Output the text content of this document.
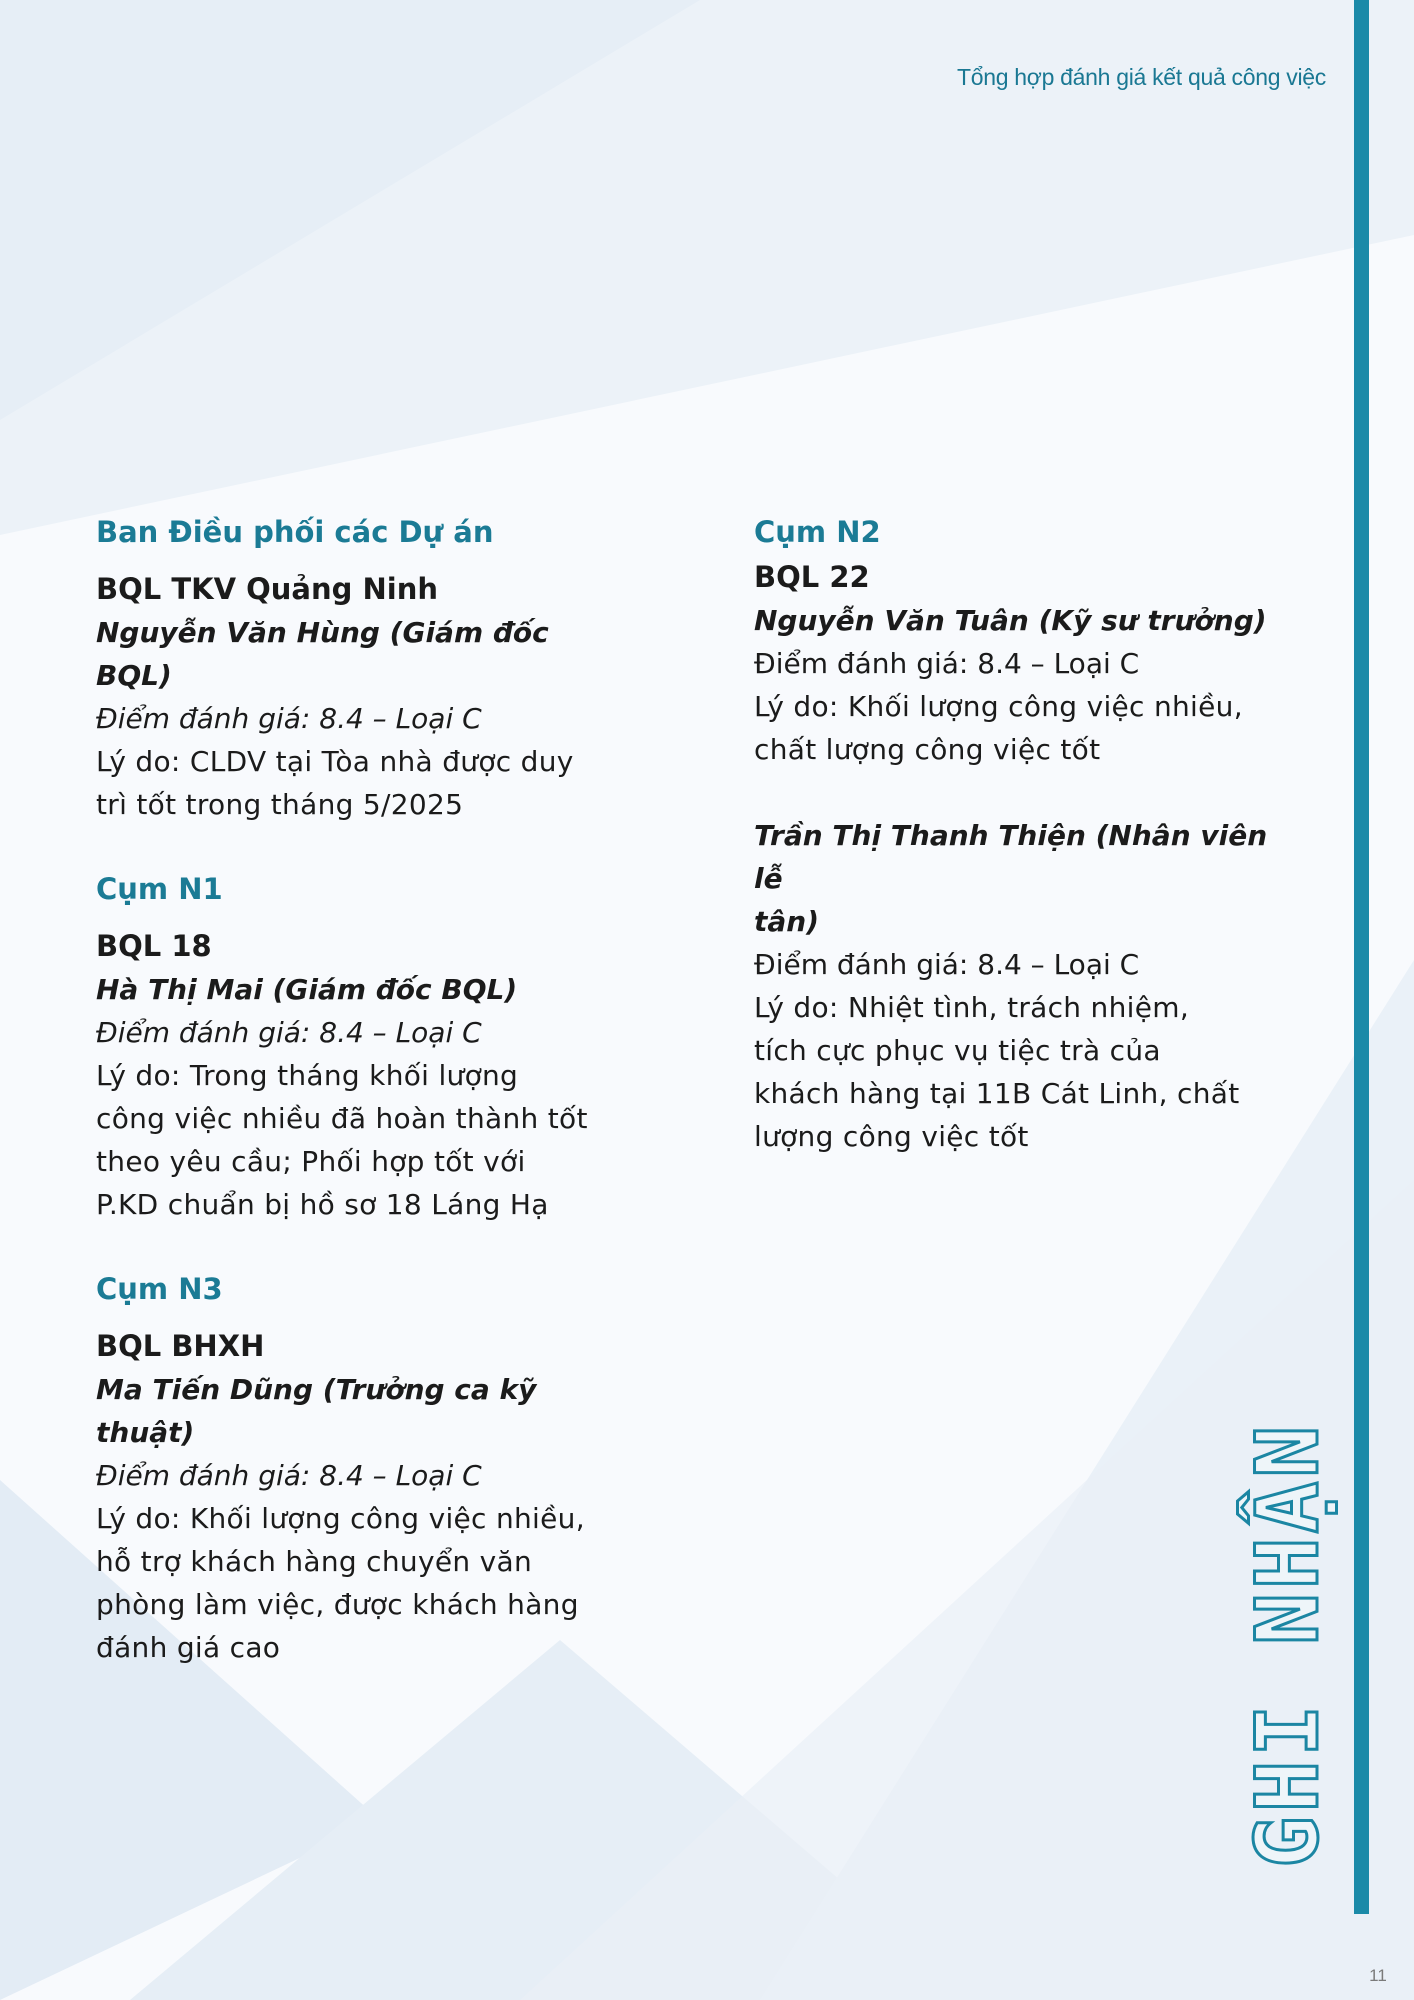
Tổng hợp đánh giá kết quả công việc
Ban Điều phối các Dự án
BQL TKV Quảng Ninh
Nguyễn Văn Hùng (Giám đốc BQL)
Điểm đánh giá: 8.4 – Loại C
Lý do: CLDV tại Tòa nhà được duy
trì tốt trong tháng 5/2025
Cụm N1
BQL 18
Hà Thị Mai (Giám đốc BQL)
Điểm đánh giá: 8.4 – Loại C
Lý do: Trong tháng khối lượng
công việc nhiều đã hoàn thành tốt
theo yêu cầu; Phối hợp tốt với
P.KD chuẩn bị hồ sơ 18 Láng Hạ
Cụm N3
BQL BHXH
Ma Tiến Dũng (Trưởng ca kỹ thuật)
Điểm đánh giá: 8.4 – Loại C
Lý do: Khối lượng công việc nhiều,
hỗ trợ khách hàng chuyển văn
phòng làm việc, được khách hàng
đánh giá cao
Cụm N2
BQL 22
Nguyễn Văn Tuân (Kỹ sư trưởng)
Điểm đánh giá: 8.4 – Loại C
Lý do: Khối lượng công việc nhiều,
chất lượng công việc tốt
Trần Thị Thanh Thiện (Nhân viên lễ
tân)
Điểm đánh giá: 8.4 – Loại C
Lý do: Nhiệt tình, trách nhiệm,
tích cực phục vụ tiệc trà của
khách hàng tại 11B Cát Linh, chất
lượng công việc tốt
GHI NHẬN
11
